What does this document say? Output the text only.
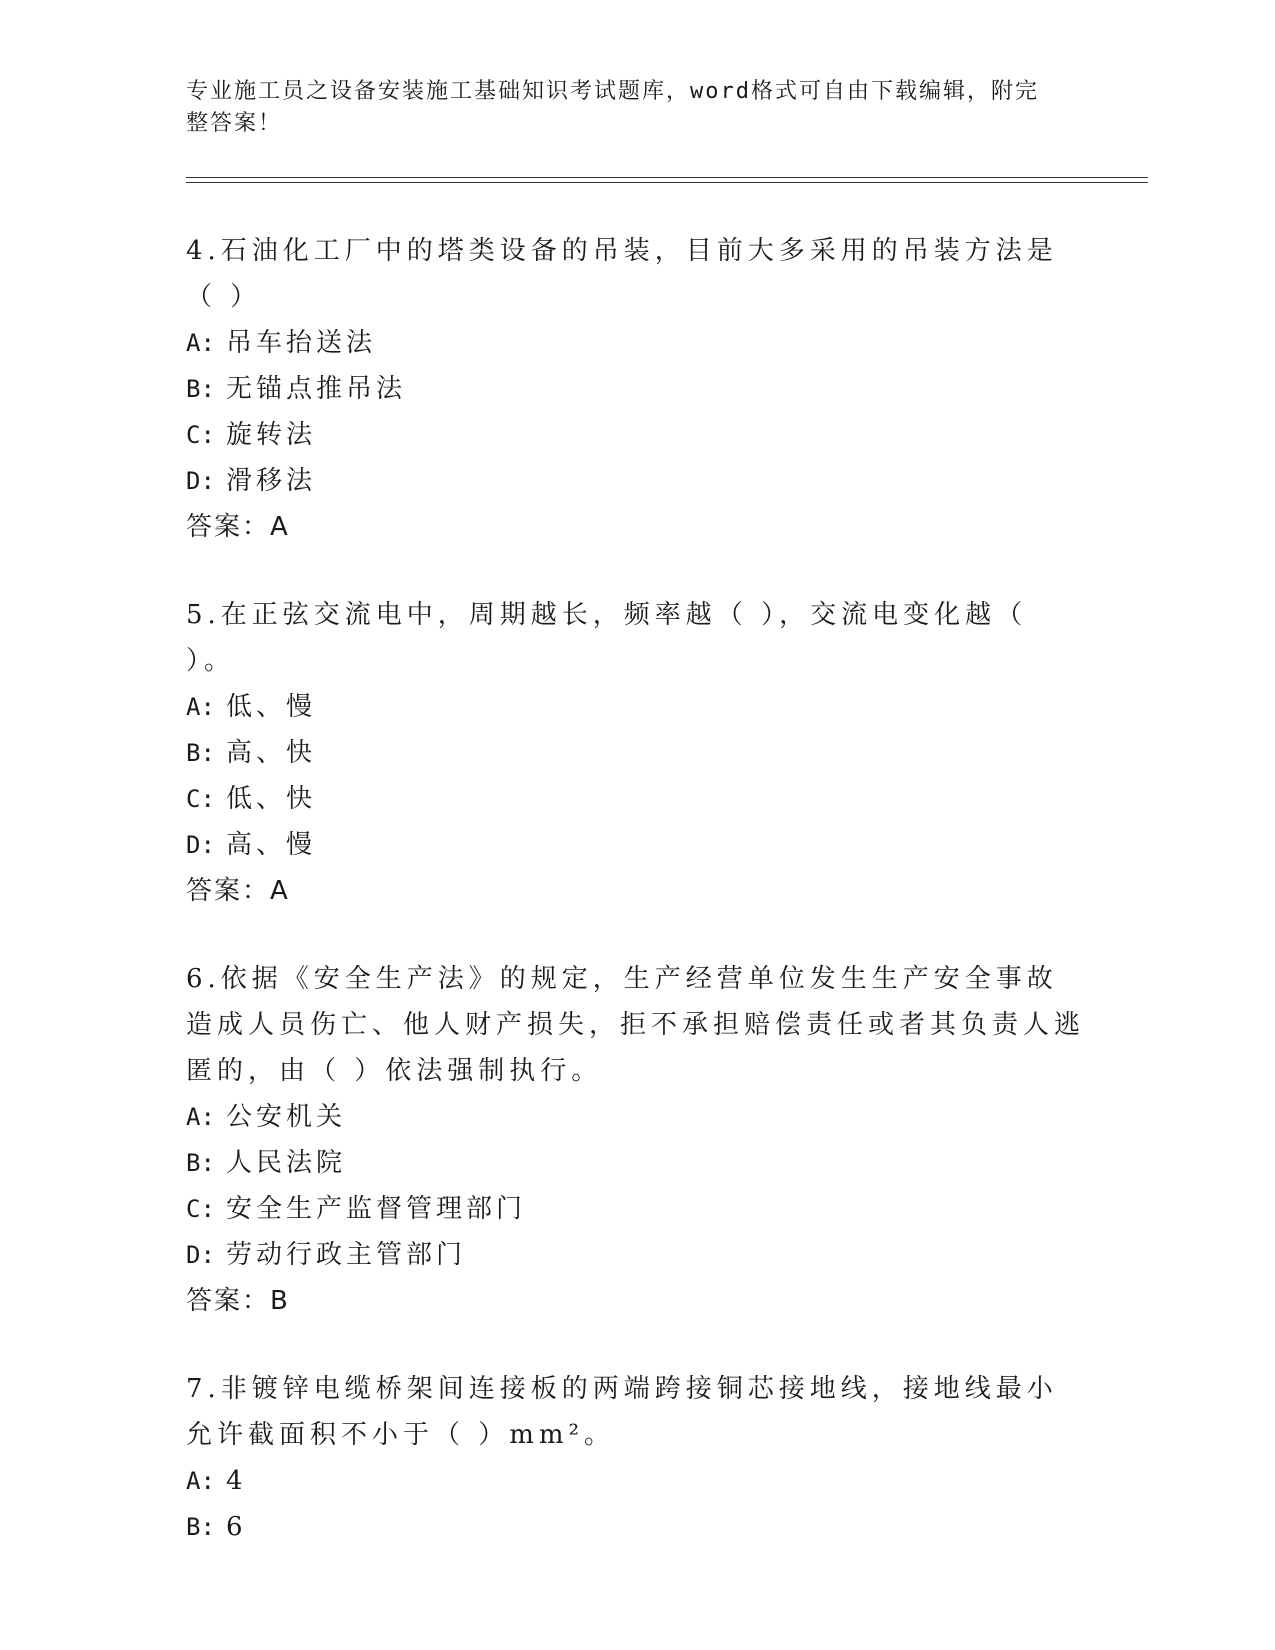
专业施工员之设备安装施工基础知识考试题库，word格式可自由下载编辑，附完
整答案！
4.石油化工厂中的塔类设备的吊装，目前大多采用的吊装方法是（ ）
A: 吊车抬送法
B: 无锚点推吊法
C: 旋转法
D: 滑移法
答案：A
5.在正弦交流电中，周期越长，频率越（ ），交流电变化越（ ）。
A: 低、慢
B: 高、快
C: 低、快
D: 高、慢
答案：A
6.依据《安全生产法》的规定，生产经营单位发生生产安全事故造成人员伤亡、他人财产损失，拒不承担赔偿责任或者其负责人逃匿的，由（ ）依法强制执行。
A: 公安机关
B: 人民法院
C: 安全生产监督管理部门
D: 劳动行政主管部门
答案：B
7.非镀锌电缆桥架间连接板的两端跨接铜芯接地线，接地线最小允许截面积不小于（ ）mm²。
A: 4
B: 6
